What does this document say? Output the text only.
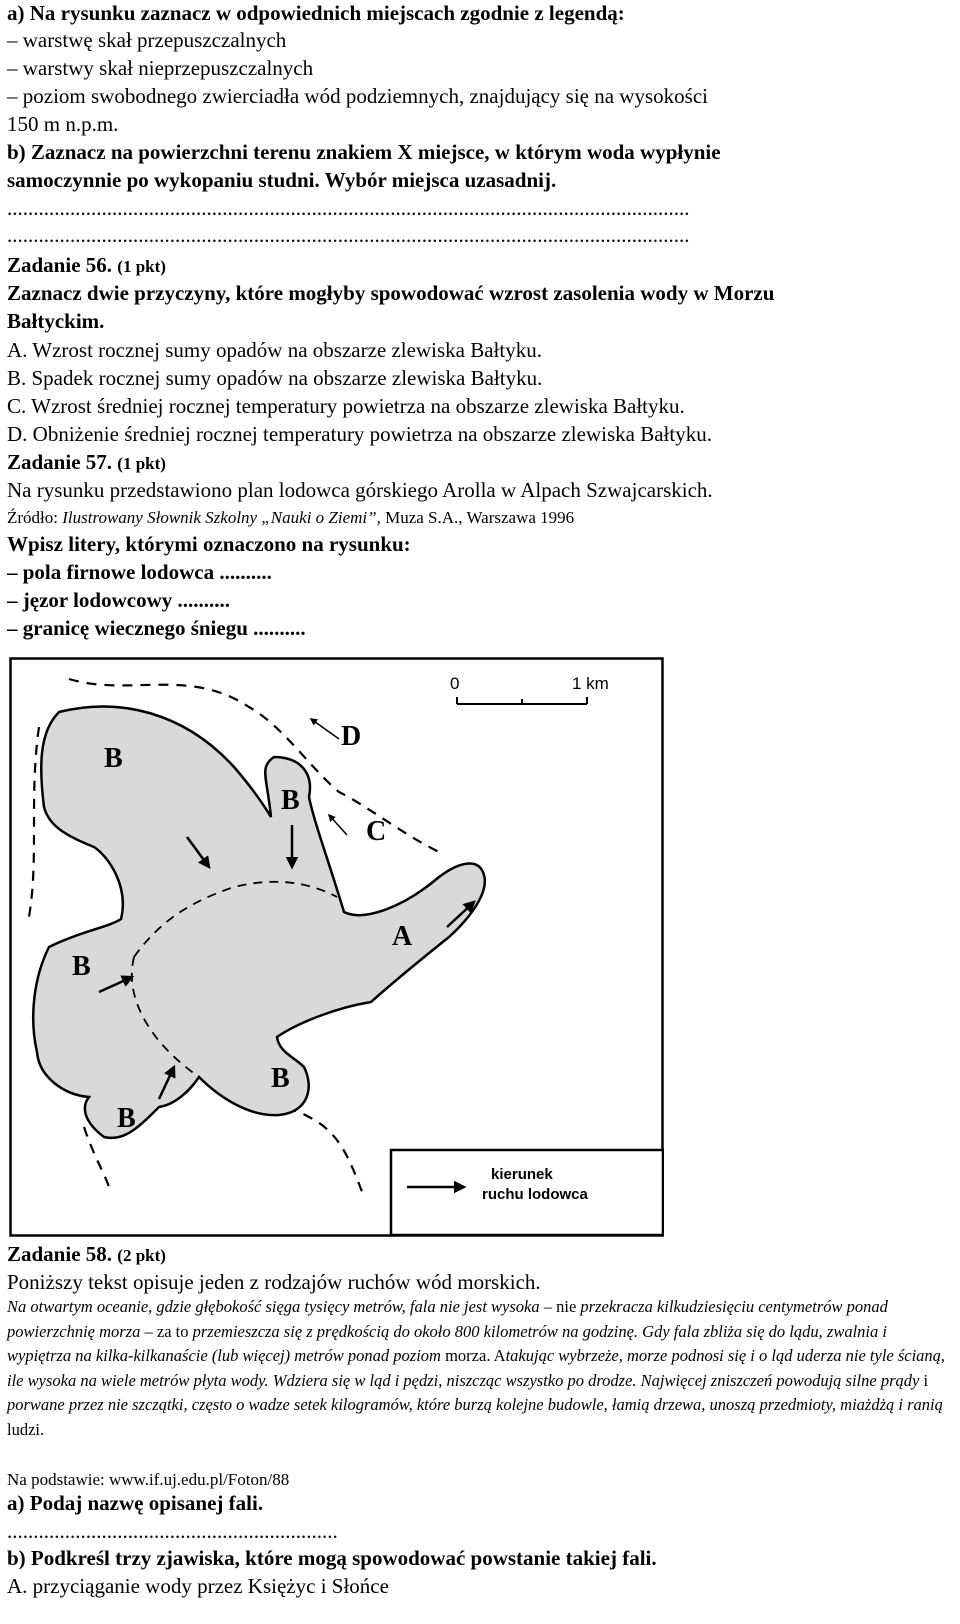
a) Na rysunku zaznacz w odpowiednich miejscach zgodnie z legendą:
– warstwę skał przepuszczalnych
– warstwy skał nieprzepuszczalnych
– poziom swobodnego zwierciadła wód podziemnych, znajdujący się na wysokości
150 m n.p.m.
b) Zaznacz na powierzchni terenu znakiem X miejsce, w którym woda wypłynie
samoczynnie po wykopaniu studni. Wybór miejsca uzasadnij.
..................................................................................................................................
..................................................................................................................................
Zadanie 56. (1 pkt)
Zaznacz dwie przyczyny, które mogłyby spowodować wzrost zasolenia wody w Morzu
Bałtyckim.
A. Wzrost rocznej sumy opadów na obszarze zlewiska Bałtyku.
B. Spadek rocznej sumy opadów na obszarze zlewiska Bałtyku.
C. Wzrost średniej rocznej temperatury powietrza na obszarze zlewiska Bałtyku.
D. Obniżenie średniej rocznej temperatury powietrza na obszarze zlewiska Bałtyku.
Zadanie 57. (1 pkt)
Na rysunku przedstawiono plan lodowca górskiego Arolla w Alpach Szwajcarskich.
Źródło: Ilustrowany Słownik Szkolny „Nauki o Ziemi”, Muza S.A., Warszawa 1996
Wpisz litery, którymi oznaczono na rysunku:
– pola firnowe lodowca ..........
– jęzor lodowcowy ..........
– granicę wiecznego śniegu ..........
0	1 km
B
B
B
B
B
A
C
D
kierunek
ruchu lodowca
Zadanie 58. (2 pkt)
Poniższy tekst opisuje jeden z rodzajów ruchów wód morskich.
Na otwartym oceanie, gdzie głębokość sięga tysięcy metrów, fala nie jest wysoka – nie przekracza kilkudziesięciu centymetrów ponad powierzchnię morza – za to przemieszcza się z prędkością do około 800 kilometrów na godzinę. Gdy fala zbliża się do lądu, zwalnia i wypiętrza na kilka-kilkanaście (lub więcej) metrów ponad poziom morza. Atakując wybrzeże, morze podnosi się i o ląd uderza nie tyle ścianą, ile wysoka na wiele metrów płyta wody. Wdziera się w ląd i pędzi, niszcząc wszystko po drodze. Najwięcej zniszczeń powodują silne prądy i porwane przez nie szczątki, często o wadze setek kilogramów, które burzą kolejne budowle, łamią drzewa, unoszą przedmioty, miażdżą i ranią ludzi.
Na podstawie: www.if.uj.edu.pl/Foton/88
a) Podaj nazwę opisanej fali.
...............................................................
b) Podkreśl trzy zjawiska, które mogą spowodować powstanie takiej fali.
A. przyciąganie wody przez Księżyc i Słońce
